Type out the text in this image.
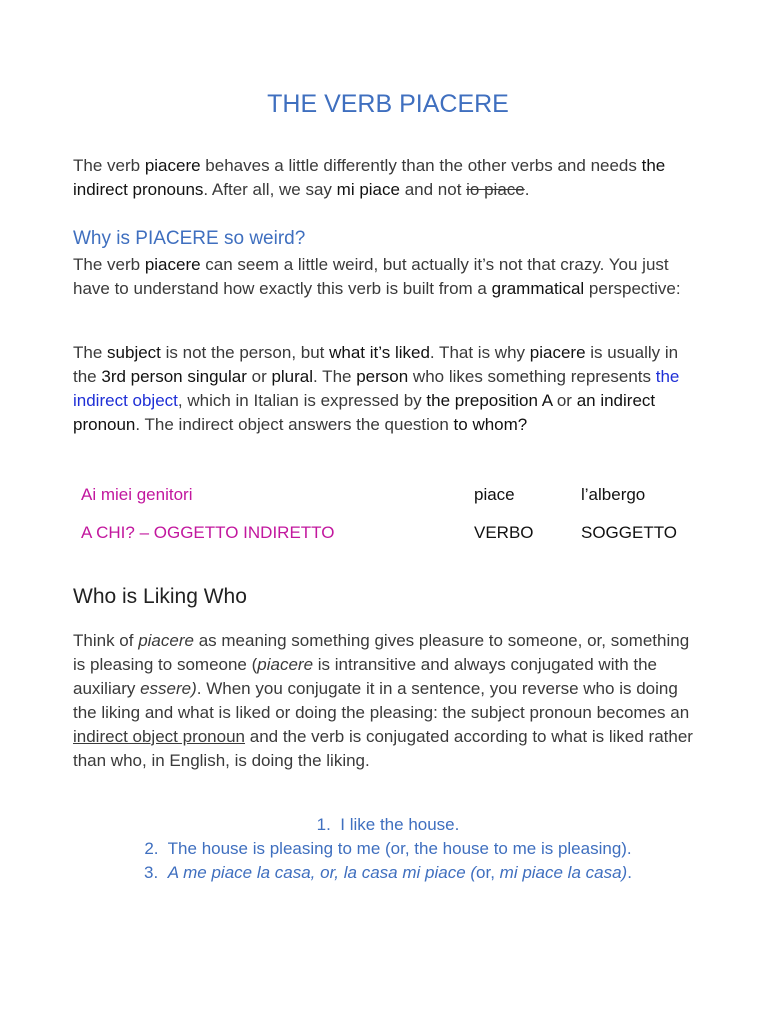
THE VERB PIACERE

The verb piacere behaves a little differently than the other verbs and needs the indirect pronouns. After all, we say mi piace and not io piace.

Why is PIACERE so weird?

The verb piacere can seem a little weird, but actually it’s not that crazy. You just have to understand how exactly this verb is built from a grammatical perspective:

The subject is not the person, but what it’s liked. That is why piacere is usually in the 3rd person singular or plural. The person who likes something represents the indirect object, which in Italian is expressed by the preposition A or an indirect pronoun. The indirect object answers the question to whom?

Ai miei genitori	piace	l’albergo
A CHI? – OGGETTO INDIRETTO	VERBO	SOGGETTO
Who is Liking Who

Think of piacere as meaning something gives pleasure to someone, or, something is pleasing to someone (piacere is intransitive and always conjugated with the auxiliary essere). When you conjugate it in a sentence, you reverse who is doing the liking and what is liked or doing the pleasing: the subject pronoun becomes an indirect object pronoun and the verb is conjugated according to what is liked rather than who, in English, is doing the liking.

1. I like the house.
2. The house is pleasing to me (or, the house to me is pleasing).
3. A me piace la casa, or, la casa mi piace (or, mi piace la casa).
